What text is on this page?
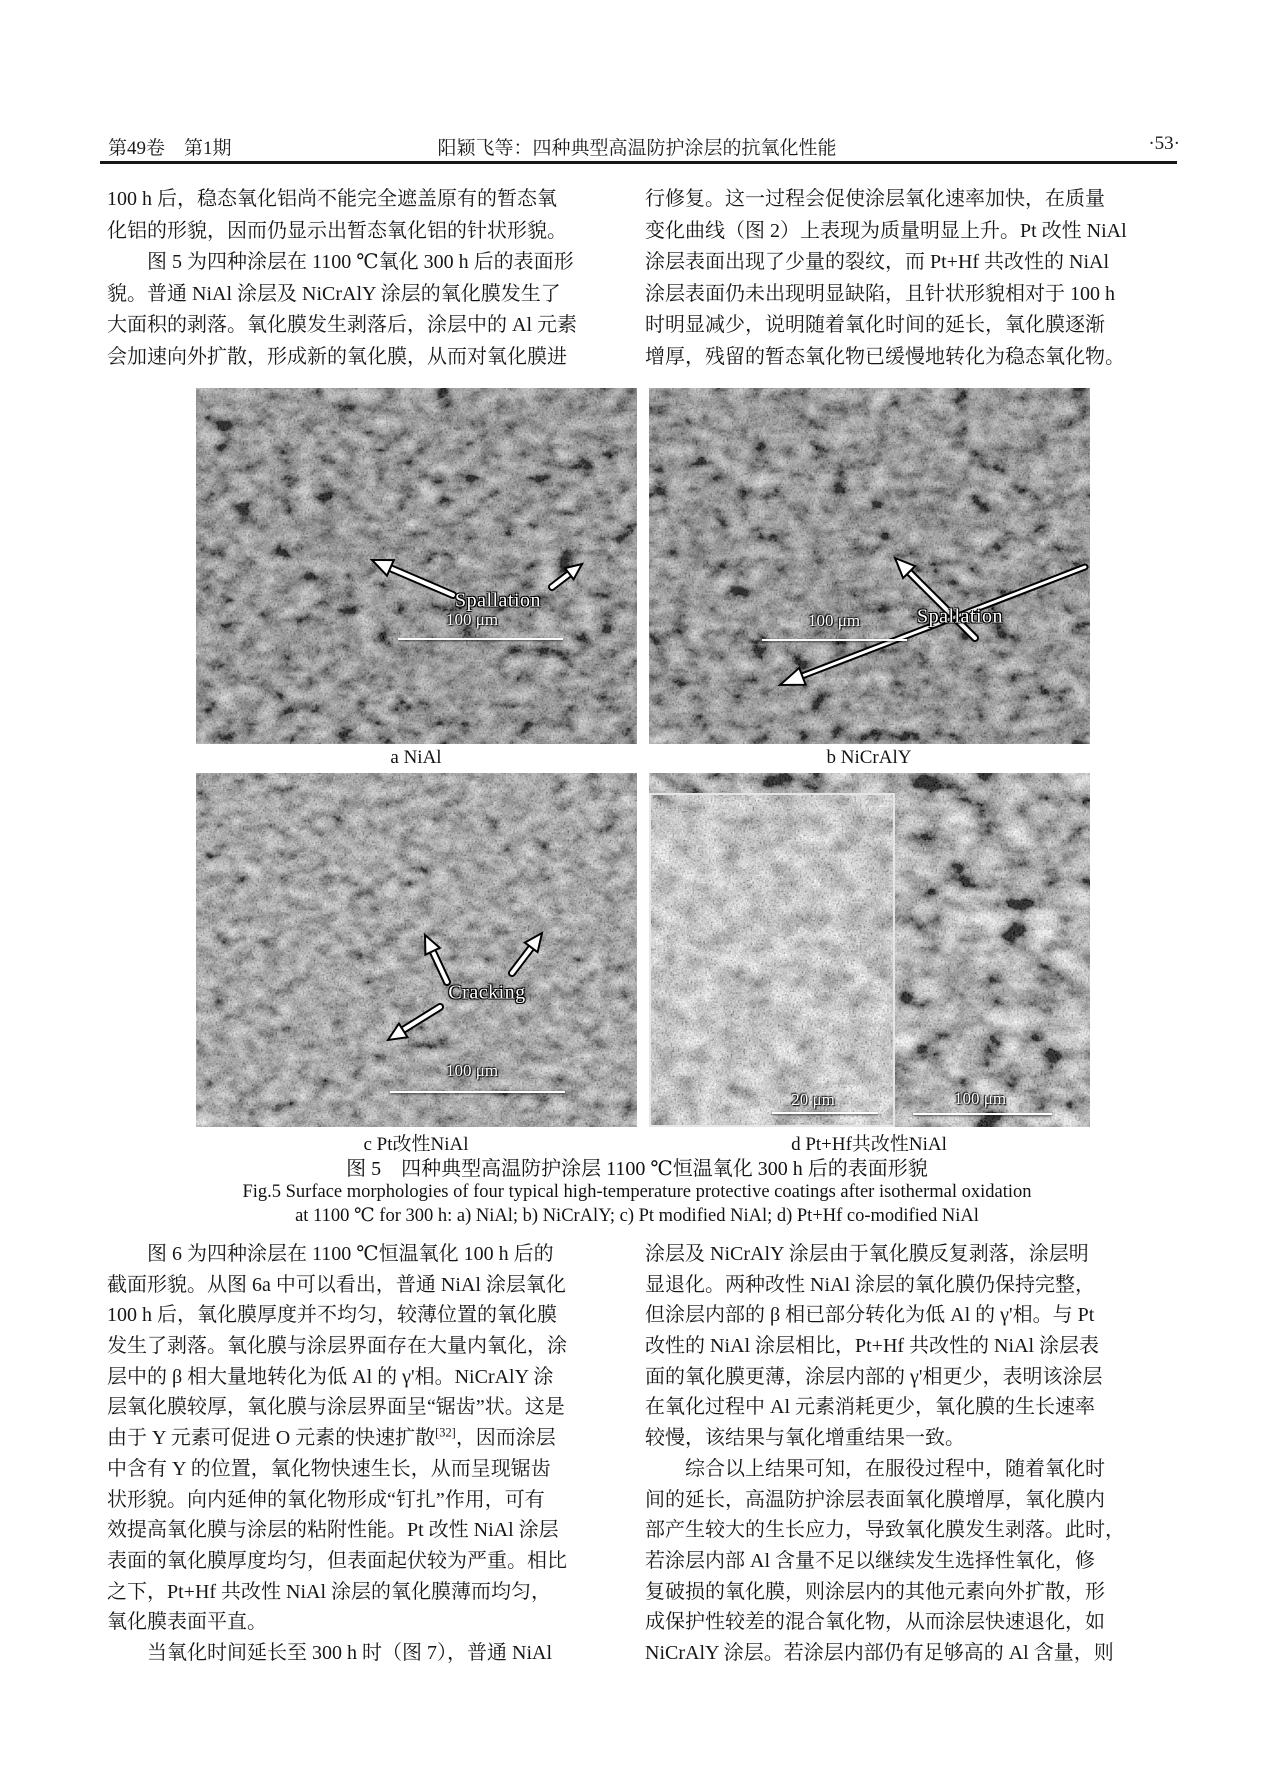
第49卷　第1期	阳颖飞等：四种典型高温防护涂层的抗氧化性能	·53·
100 h 后，稳态氧化铝尚不能完全遮盖原有的暂态氧
化铝的形貌，因而仍显示出暂态氧化铝的针状形貌。
　　图 5 为四种涂层在 1100 ℃氧化 300 h 后的表面形
貌。普通 NiAl 涂层及 NiCrAlY 涂层的氧化膜发生了
大面积的剥落。氧化膜发生剥落后，涂层中的 Al 元素
会加速向外扩散，形成新的氧化膜，从而对氧化膜进
行修复。这一过程会促使涂层氧化速率加快，在质量
变化曲线（图 2）上表现为质量明显上升。Pt 改性 NiAl
涂层表面出现了少量的裂纹，而 Pt+Hf 共改性的 NiAl
涂层表面仍未出现明显缺陷，且针状形貌相对于 100 h
时明显减少，说明随着氧化时间的延长，氧化膜逐渐
增厚，残留的暂态氧化物已缓慢地转化为稳态氧化物。
Spallation
100 μm	Spallation
100 μm
a NiAl	b NiCrAlY
Cracking
100 μm
20 μm	100 μm
c Pt改性NiAl	d Pt+Hf共改性NiAl
图 5　四种典型高温防护涂层 1100 ℃恒温氧化 300 h 后的表面形貌
Fig.5 Surface morphologies of four typical high-temperature protective coatings after isothermal oxidation
at 1100 ℃ for 300 h: a) NiAl; b) NiCrAlY; c) Pt modified NiAl; d) Pt+Hf co-modified NiAl
　　图 6 为四种涂层在 1100 ℃恒温氧化 100 h 后的
截面形貌。从图 6a 中可以看出，普通 NiAl 涂层氧化
100 h 后，氧化膜厚度并不均匀，较薄位置的氧化膜
发生了剥落。氧化膜与涂层界面存在大量内氧化，涂
层中的 β 相大量地转化为低 Al 的 γ'相。NiCrAlY 涂
层氧化膜较厚，氧化膜与涂层界面呈“锯齿”状。这是
由于 Y 元素可促进 O 元素的快速扩散[32]，因而涂层
中含有 Y 的位置，氧化物快速生长，从而呈现锯齿
状形貌。向内延伸的氧化物形成“钉扎”作用，可有
效提高氧化膜与涂层的粘附性能。Pt 改性 NiAl 涂层
表面的氧化膜厚度均匀，但表面起伏较为严重。相比
之下，Pt+Hf 共改性 NiAl 涂层的氧化膜薄而均匀，
氧化膜表面平直。
　　当氧化时间延长至 300 h 时（图 7），普通 NiAl
涂层及 NiCrAlY 涂层由于氧化膜反复剥落，涂层明
显退化。两种改性 NiAl 涂层的氧化膜仍保持完整，
但涂层内部的 β 相已部分转化为低 Al 的 γ'相。与 Pt
改性的 NiAl 涂层相比，Pt+Hf 共改性的 NiAl 涂层表
面的氧化膜更薄，涂层内部的 γ'相更少，表明该涂层
在氧化过程中 Al 元素消耗更少，氧化膜的生长速率
较慢，该结果与氧化增重结果一致。
　　综合以上结果可知，在服役过程中，随着氧化时
间的延长，高温防护涂层表面氧化膜增厚，氧化膜内
部产生较大的生长应力，导致氧化膜发生剥落。此时，
若涂层内部 Al 含量不足以继续发生选择性氧化，修
复破损的氧化膜，则涂层内的其他元素向外扩散，形
成保护性较差的混合氧化物，从而涂层快速退化，如
NiCrAlY 涂层。若涂层内部仍有足够高的 Al 含量，则
